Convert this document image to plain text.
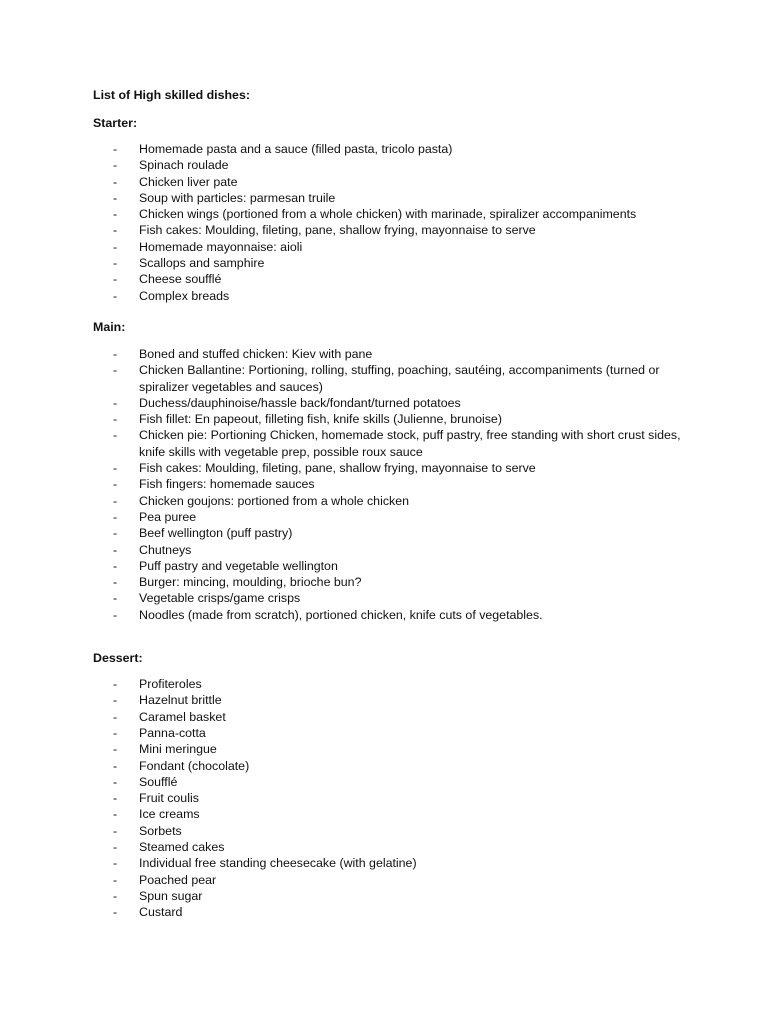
List of High skilled dishes:
Starter:
- Homemade pasta and a sauce (filled pasta, tricolo pasta)
- Spinach roulade
- Chicken liver pate
- Soup with particles: parmesan truile
- Chicken wings (portioned from a whole chicken) with marinade, spiralizer accompaniments
- Fish cakes: Moulding, fileting, pane, shallow frying, mayonnaise to serve
- Homemade mayonnaise: aioli
- Scallops and samphire
- Cheese soufflé
- Complex breads
Main:
- Boned and stuffed chicken: Kiev with pane
- Chicken Ballantine: Portioning, rolling, stuffing, poaching, sautéing, accompaniments (turned or spiralizer vegetables and sauces)
- Duchess/dauphinoise/hassle back/fondant/turned potatoes
- Fish fillet: En papeout, filleting fish, knife skills (Julienne, brunoise)
- Chicken pie: Portioning Chicken, homemade stock, puff pastry, free standing with short crust sides, knife skills with vegetable prep, possible roux sauce
- Fish cakes: Moulding, fileting, pane, shallow frying, mayonnaise to serve
- Fish fingers: homemade sauces
- Chicken goujons: portioned from a whole chicken
- Pea puree
- Beef wellington (puff pastry)
- Chutneys
- Puff pastry and vegetable wellington
- Burger: mincing, moulding, brioche bun?
- Vegetable crisps/game crisps
- Noodles (made from scratch), portioned chicken, knife cuts of vegetables.
Dessert:
- Profiteroles
- Hazelnut brittle
- Caramel basket
- Panna-cotta
- Mini meringue
- Fondant (chocolate)
- Soufflé
- Fruit coulis
- Ice creams
- Sorbets
- Steamed cakes
- Individual free standing cheesecake (with gelatine)
- Poached pear
- Spun sugar
- Custard
